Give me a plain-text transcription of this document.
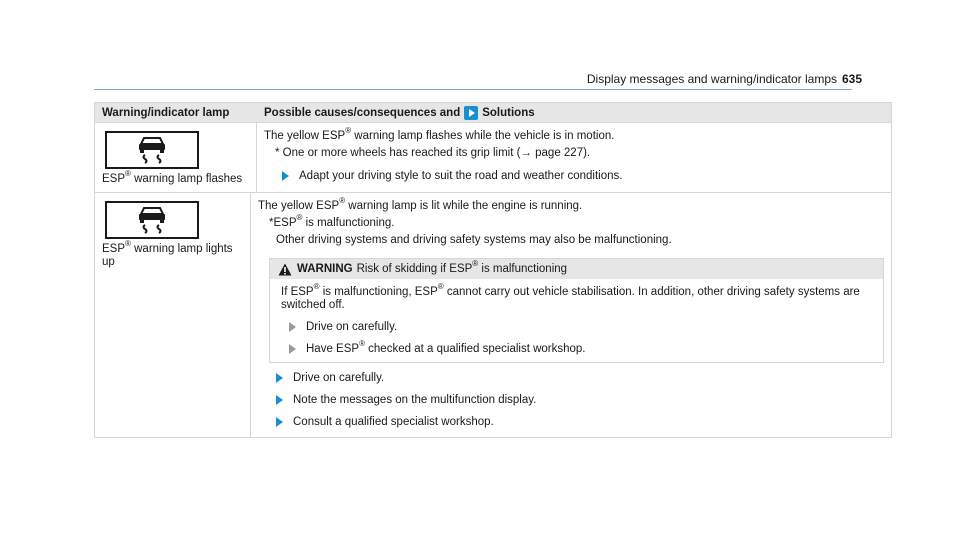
Display messages and warning/indicator lamps 635
Warning/indicator lamp	Possible causes/consequences and Solutions
ESP® warning lamp flashes
The yellow ESP® warning lamp flashes while the vehicle is in motion.
* One or more wheels has reached its grip limit (→ page 227).
Adapt your driving style to suit the road and weather conditions.
ESP® warning lamp lights up
The yellow ESP® warning lamp is lit while the engine is running.
*ESP® is malfunctioning.
Other driving systems and driving safety systems may also be malfunctioning.
WARNING Risk of skidding if ESP® is malfunctioning
If ESP® is malfunctioning, ESP® cannot carry out vehicle stabilisation. In addition, other driving safety systems are switched off.
Drive on carefully.
Have ESP® checked at a qualified specialist workshop.
Drive on carefully.
Note the messages on the multifunction display.
Consult a qualified specialist workshop.
